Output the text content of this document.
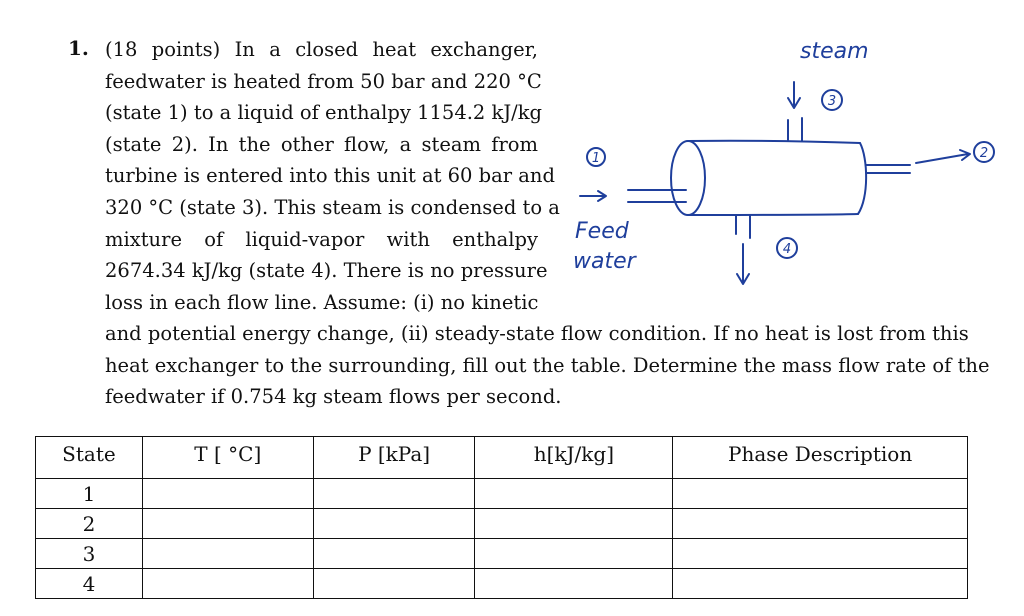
1. (18 points) In a closed heat exchanger,
feedwater is heated from 50 bar and 220 °C
(state 1) to a liquid of enthalpy 1154.2 kJ/kg
(state 2). In the other flow, a steam from
turbine is entered into this unit at 60 bar and
320 °C (state 3). This steam is condensed to a
mixture of liquid-vapor with enthalpy
2674.34 kJ/kg (state 4). There is no pressure
loss in each flow line. Assume: (i) no kinetic
and potential energy change, (ii) steady-state flow condition. If no heat is lost from this
heat exchanger to the surrounding, fill out the table. Determine the mass flow rate of the
feedwater if 0.754 kg steam flows per second.
1	2
3
4
steam
Feed
water
State	T [ °C]	P [kPa]	h[kJ/kg]	Phase Description
1				
2				
3				
4				
